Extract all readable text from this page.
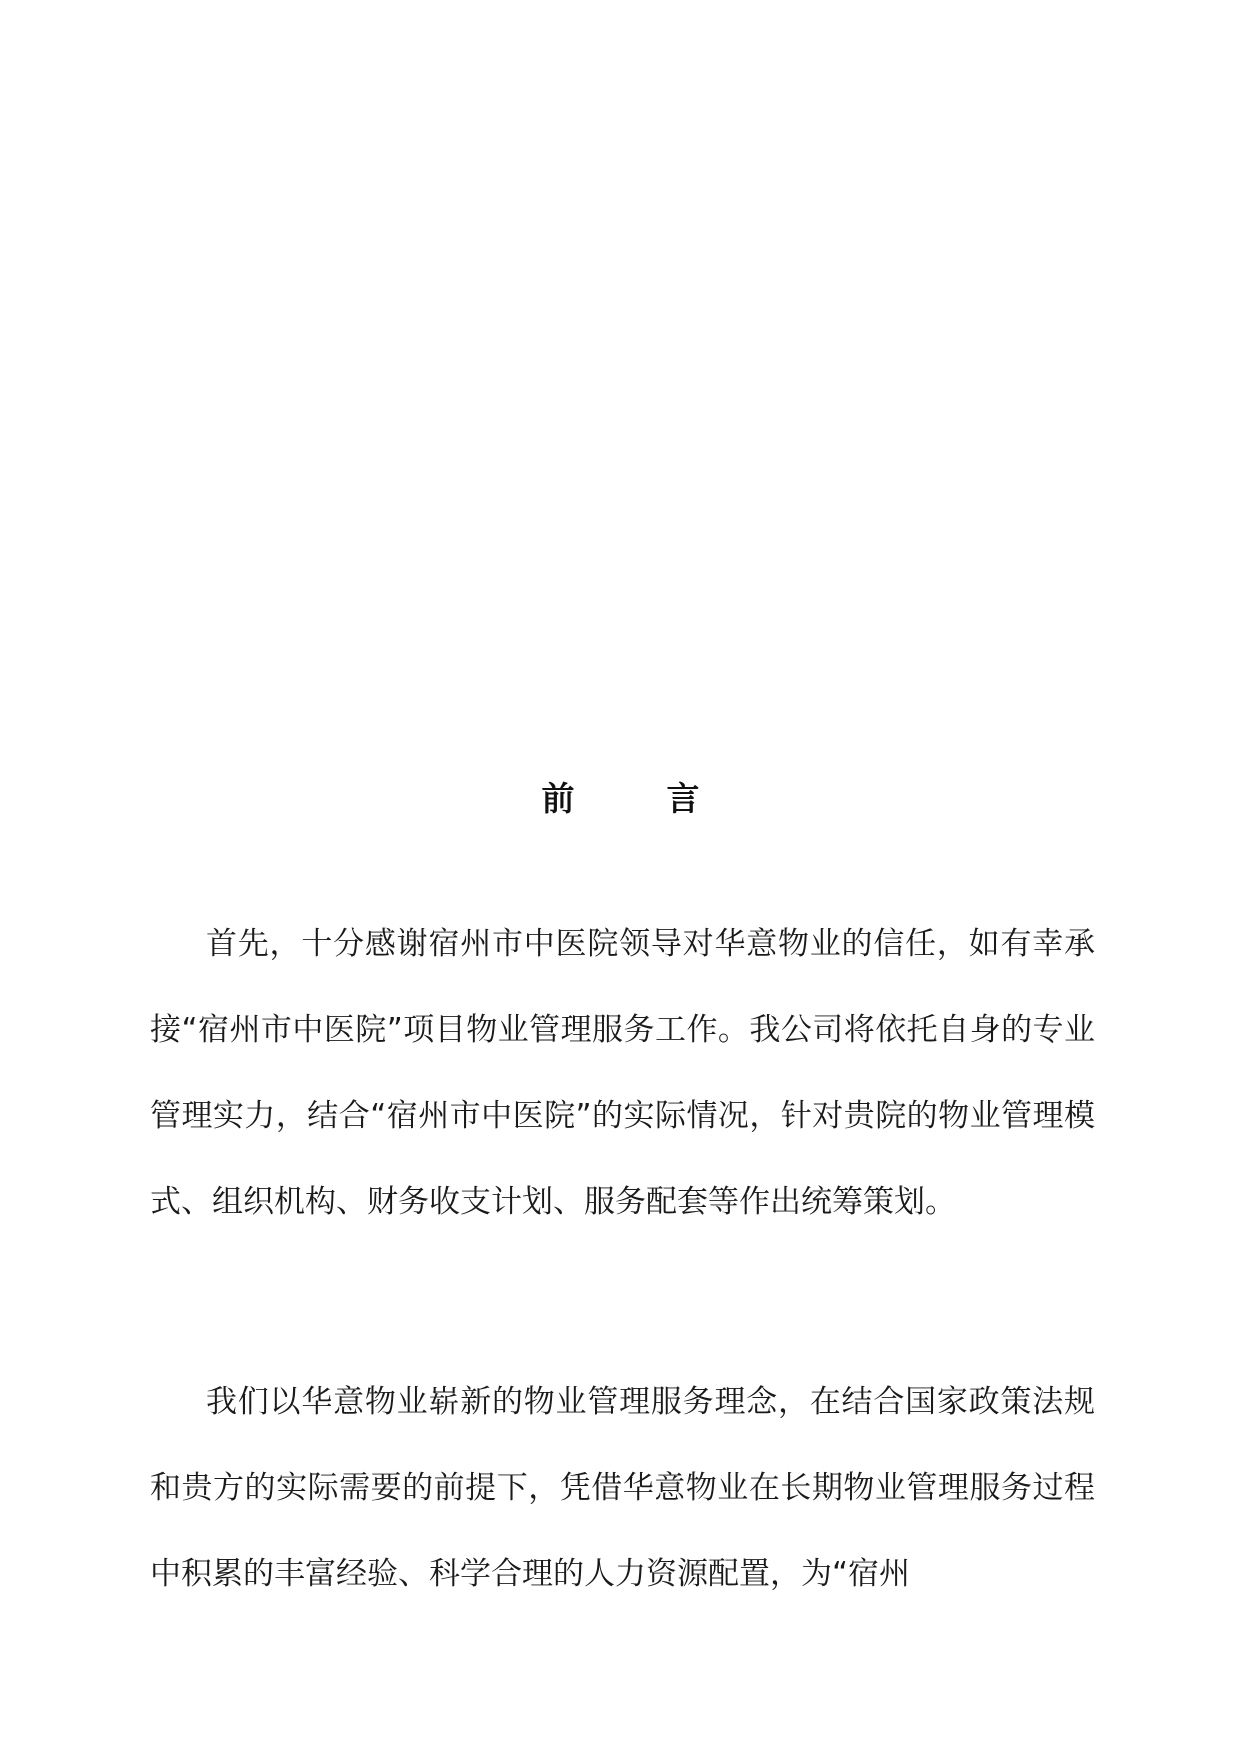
前	言

首先，十分感谢宿州市中医院领导对华意物业的信任，如有幸承接“宿州市中医院”项目物业管理服务工作。我公司将依托自身的专业管理实力，结合“宿州市中医院”的实际情况，针对贵院的物业管理模式、组织机构、财务收支计划、服务配套等作出统筹策划。

我们以华意物业崭新的物业管理服务理念，在结合国家政策法规和贵方的实际需要的前提下，凭借华意物业在长期物业管理服务过程中积累的丰富经验、科学合理的人力资源配置，为“宿州
